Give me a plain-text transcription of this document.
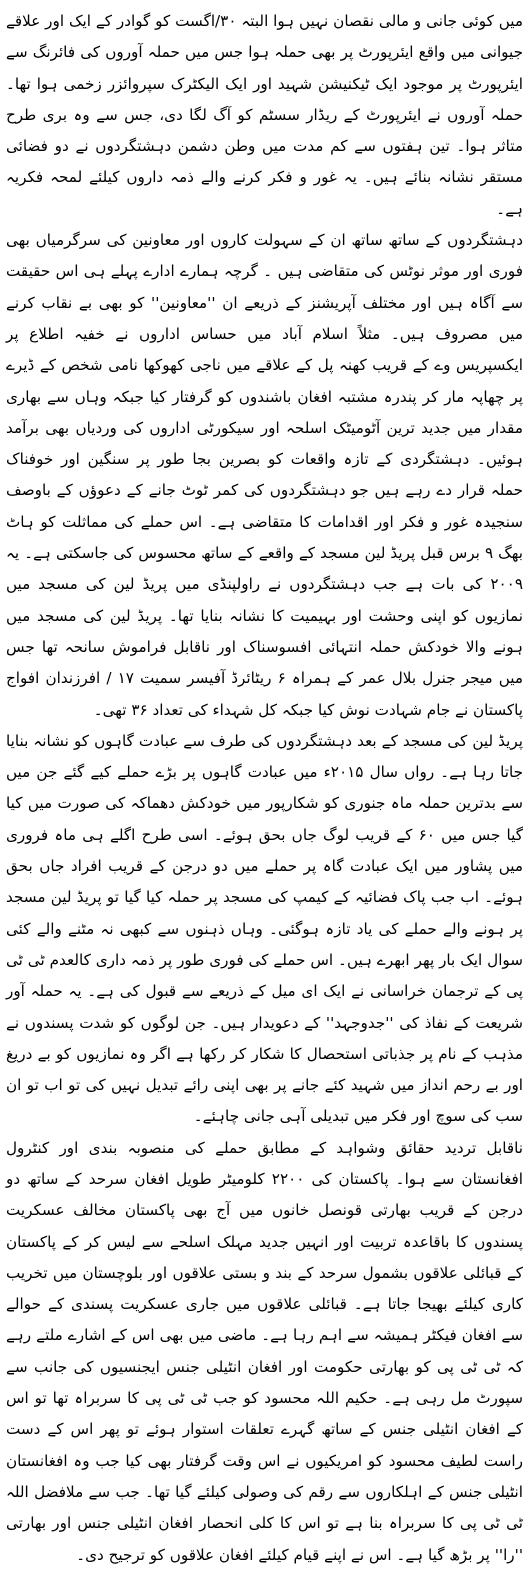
میں کوئی جانی و مالی نقصان نہیں ہوا البتہ ۳۰/اگست کو گوادر کے ایک اور علاقے جیوانی میں واقع ایئرپورٹ پر بھی حملہ ہوا جس میں حملہ آوروں کی فائرنگ سے ایئرپورٹ پر موجود ایک ٹیکنیشن شہید اور ایک الیکٹرک سپروائزر زخمی ہوا تھا۔ حملہ آوروں نے ایئرپورٹ کے ریڈار سسٹم کو آگ لگا دی، جس سے وہ بری طرح متاثر ہوا۔ تین ہفتوں سے کم مدت میں وطن دشمن دہشتگردوں نے دو فضائی مستقر نشانہ بنائے ہیں۔ یہ غور و فکر کرنے والے ذمہ داروں کیلئے لمحہ فکریہ ہے۔

دہشتگردوں کے ساتھ ساتھ ان کے سہولت کاروں اور معاونین کی سرگرمیاں بھی فوری اور موثر نوٹس کی متقاضی ہیں ۔ گرچہ ہمارے ادارے پہلے ہی اس حقیقت سے آگاہ ہیں اور مختلف آپریشنز کے ذریعے ان ''معاونین'' کو بھی بے نقاب کرنے میں مصروف ہیں۔ مثلاً اسلام آباد میں حساس اداروں نے خفیہ اطلاع پر ایکسپریس وے کے قریب کھنہ پل کے علاقے میں ناجی کھوکھا نامی شخص کے ڈیرے پر چھاپہ مار کر پندرہ مشتبہ افغان باشندوں کو گرفتار کیا جبکہ وہاں سے بھاری مقدار میں جدید ترین آٹومیٹک اسلحہ اور سیکورٹی اداروں کی وردیاں بھی برآمد ہوئیں۔ دہشتگردی کے تازہ واقعات کو بصرین بجا طور پر سنگین اور خوفناک حملہ قرار دے رہے ہیں جو دہشتگردوں کی کمر ٹوٹ جانے کے دعوؤں کے باوصف سنجیدہ غور و فکر اور اقدامات کا متقاضی ہے۔ اس حملے کی مماثلت کو ہاٹ بھگ ۹ برس قبل پریڈ لین مسجد کے واقعے کے ساتھ محسوس کی جاسکتی ہے۔ یہ ۲۰۰۹ کی بات ہے جب دہشتگردوں نے راولپنڈی میں پریڈ لین کی مسجد میں نمازیوں کو اپنی وحشت اور بہیمیت کا نشانہ بنایا تھا۔ پریڈ لین کی مسجد میں ہونے والا خودکش حملہ انتہائی افسوسناک اور ناقابل فراموش سانحہ تھا جس میں میجر جنرل بلال عمر کے ہمراہ ۶ ریٹائرڈ آفیسر سمیت ۱۷ / افرزندان افواج پاکستان نے جام شہادت نوش کیا جبکہ کل شہداء کی تعداد ۳۶ تھی۔

پریڈ لین کی مسجد کے بعد دہشتگردوں کی طرف سے عبادت گاہوں کو نشانہ بنایا جاتا رہا ہے۔ رواں سال ۲۰۱۵ء میں عبادت گاہوں پر بڑے حملے کیے گئے جن میں سے بدترین حملہ ماہ جنوری کو شکارپور میں خودکش دھماکہ کی صورت میں کیا گیا جس میں ۶۰ کے قریب لوگ جاں بحق ہوئے۔ اسی طرح اگلے ہی ماہ فروری میں پشاور میں ایک عبادت گاہ پر حملے میں دو درجن کے قریب افراد جاں بحق ہوئے۔ اب جب پاک فضائیہ کے کیمپ کی مسجد پر حملہ کیا گیا تو پریڈ لین مسجد پر ہونے والے حملے کی یاد تازہ ہوگئی۔ وہاں ذہنوں سے کبھی نہ مٹنے والے کئی سوال ایک بار پھر ابھرے ہیں۔ اس حملے کی فوری طور پر ذمہ داری کالعدم ٹی ٹی پی کے ترجمان خراسانی نے ایک ای میل کے ذریعے سے قبول کی ہے۔ یہ حملہ آور شریعت کے نفاذ کی ''جدوجہد'' کے دعویدار ہیں۔ جن لوگوں کو شدت پسندوں نے مذہب کے نام پر جذباتی استحصال کا شکار کر رکھا ہے اگر وہ نمازیوں کو بے دریغ اور بے رحم انداز میں شہید کئے جانے پر بھی اپنی رائے تبدیل نہیں کی تو اب تو ان سب کی سوچ اور فکر میں تبدیلی آہی جانی چاہئے۔

ناقابل تردید حقائق وشواہد کے مطابق حملے کی منصوبہ بندی اور کنٹرول افغانستان سے ہوا۔ پاکستان کی ۲۲۰۰ کلومیٹر طویل افغان سرحد کے ساتھ دو درجن کے قریب بھارتی قونصل خانوں میں آج بھی پاکستان مخالف عسکریت پسندوں کا باقاعدہ تربیت اور انہیں جدید مہلک اسلحے سے لیس کر کے پاکستان کے قبائلی علاقوں بشمول سرحد کے بند و بستی علاقوں اور بلوچستان میں تخریب کاری کیلئے بھیجا جاتا ہے۔ قبائلی علاقوں میں جاری عسکریت پسندی کے حوالے سے افغان فیکٹر ہمیشہ سے اہم رہا ہے۔ ماضی میں بھی اس کے اشارے ملتے رہے کہ ٹی ٹی پی کو بھارتی حکومت اور افغان انٹیلی جنس ایجنسیوں کی جانب سے سپورٹ مل رہی ہے۔ حکیم اللہ محسود کو جب ٹی ٹی پی کا سربراہ تھا تو اس کے افغان انٹیلی جنس کے ساتھ گہرے تعلقات استوار ہوئے تو پھر اس کے دست راست لطیف محسود کو امریکیوں نے اس وقت گرفتار بھی کیا جب وہ افغانستان انٹیلی جنس کے اہلکاروں سے رقم کی وصولی کیلئے گیا تھا۔ جب سے ملافضل اللہ ٹی ٹی پی کا سربراہ بنا ہے تو اس کا کلی انحصار افغان انٹیلی جنس اور بھارتی ''را'' پر بڑھ گیا ہے۔ اس نے اپنے قیام کیلئے افغان علاقوں کو ترجیح دی۔
